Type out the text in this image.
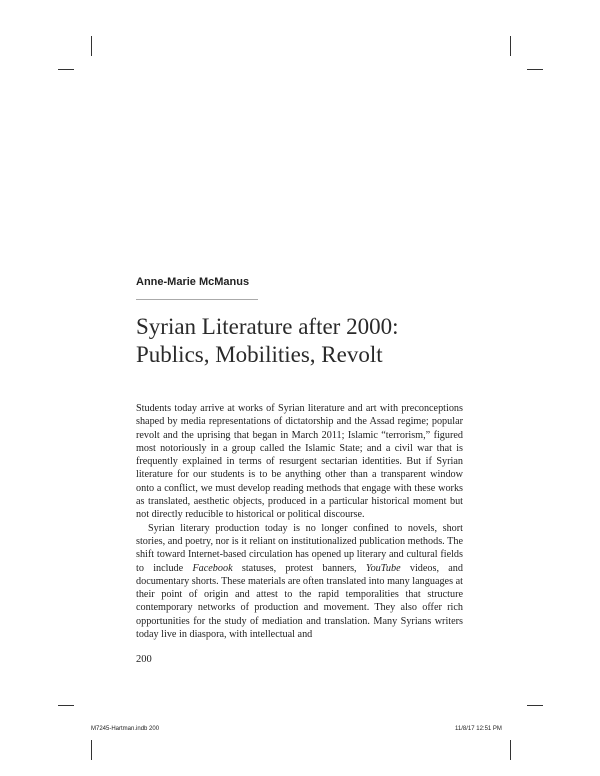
Anne-Marie McManus
Syrian Literature after 2000:
Publics, Mobilities, Revolt

Students today arrive at works of Syrian literature and art with preconceptions shaped by media representations of dictatorship and the Assad regime; popular revolt and the uprising that began in March 2011; Islamic “terrorism,” figured most notoriously in a group called the Islamic State; and a civil war that is frequently explained in terms of resurgent sectarian identities. But if Syrian literature for our students is to be anything other than a transparent window onto a conflict, we must develop reading methods that engage with these works as translated, aesthetic objects, produced in a particular historical moment but not directly reducible to historical or political discourse.

Syrian literary production today is no longer confined to novels, short stories, and poetry, nor is it reliant on institutionalized publication methods. The shift toward Internet-based circulation has opened up literary and cultural fields to include Facebook statuses, protest banners, YouTube videos, and documentary shorts. These materials are often translated into many languages at their point of origin and attest to the rapid temporalities that structure contemporary networks of production and movement. They also offer rich opportunities for the study of mediation and translation. Many Syrians writers today live in diaspora, with intellectual and

200
M7245-Hartman.indb 200	11/8/17 12:51 PM
